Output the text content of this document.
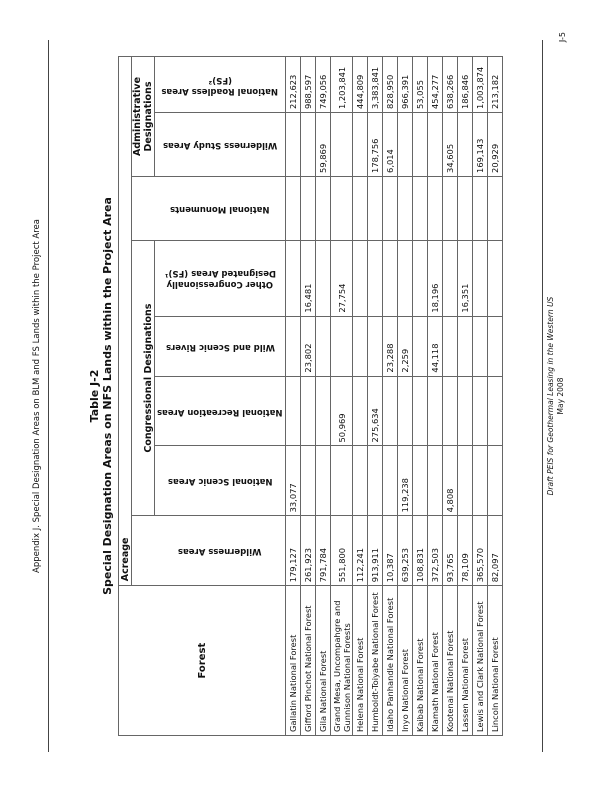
Appendix J. Special Designation Areas on BLM and FS Lands within the Project Area	Table J-2 Special Designation Areas on NFS Lands within the Project Area
Forest	Acreage							
		Congressional Designations					Administrative Designations	

	Wilderness Areas	National Scenic Areas	National Recreation Areas	Wild and Scenic Rivers	Other Congressionally Designated Areas (FS)¹	National Monuments	Wilderness Study Areas	National Roadless Areas (FS)²

Gallatin National Forest	179,127	33,077						212,623
Gifford Pinchot National Forest	261,923			23,802	16,481			988,597
Gila National Forest	791,784						59,869	749,056
Grand Mesa, Uncompahgre and Gunnison National Forests	551,800		50,969		27,754			1,203,841
Helena National Forest	112,241							444,809
Humboldt-Toiyabe National Forest	913,911		275,634				178,756	3,383,841
Idaho Panhandle National Forest	10,387			23,288			6,014	828,950
Inyo National Forest	639,253	119,238		2,259				966,391
Kaibab National Forest	108,831							53,055
Klamath National Forest	372,503			44,118	18,196			454,277
Kootenai National Forest	93,765	4,808					34,605	638,266
Lassen National Forest	78,109				16,351			186,846
Lewis and Clark National Forest	365,570						169,143	1,003,874
Lincoln National Forest	82,097						20,929	213,182
Draft PEIS for Geothermal Leasing in the Western US May 2008
J-5
